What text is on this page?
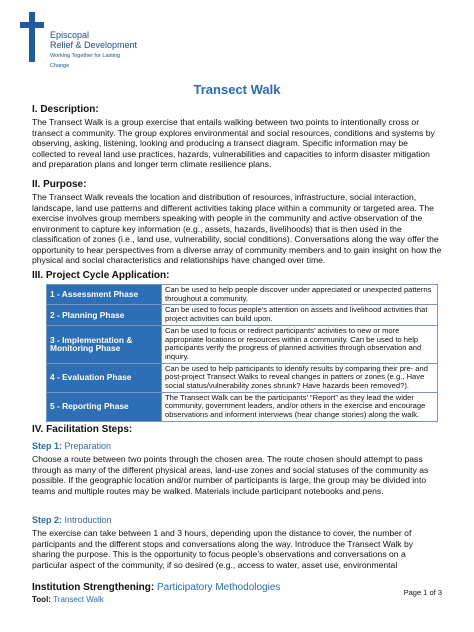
Episcopal
Relief & Development
Working Together for Lasting Change
Transect Walk
I. Description:
The Transect Walk is a group exercise that entails walking between two points to intentionally cross or transect a community. The group explores environmental and social resources, conditions and systems by observing, asking, listening, looking and producing a transect diagram. Specific information may be collected to reveal land use practices, hazards, vulnerabilities and capacities to inform disaster mitigation and preparation plans and longer term climate resilience plans.
II. Purpose:
The Transect Walk reveals the location and distribution of resources, infrastructure, social interaction, landscape, land use patterns and different activities taking place within a community or targeted area. The exercise involves group members speaking with people in the community and active observation of the environment to capture key information (e.g., assets, hazards, livelihoods) that is then used in the classification of zones (i.e., land use, vulnerability, social conditions). Conversations along the way offer the opportunity to hear perspectives from a diverse array of community members and to gain insight on how the physical and social characteristics and relationships have changed over time.
III. Project Cycle Application:
1 - Assessment Phase	Can be used to help people discover under appreciated or unexpected patterns throughout a community.
2 - Planning Phase	Can be used to focus people’s attention on assets and livelihood activities that project activities can build upon.
3 - Implementation & Monitoring Phase	Can be used to focus or redirect participants’ activities to new or more appropriate locations or resources within a community. Can be used to help participants verify the progress of planned activities through observation and inquiry.
4 - Evaluation Phase	Can be used to help participants to identify results by comparing their pre- and post-project Transect Walks to reveal changes in patters or zones (e.g., Have social status/vulnerability zones shrunk? Have hazards been removed?).
5 - Reporting Phase	The Transect Walk can be the participants’ “Report” as they lead the wider community, government leaders, and/or others in the exercise and encourage observations and informent interviews (hear change stories) along the walk.
IV. Facilitation Steps:
Step 1: Preparation
Choose a route between two points through the chosen area. The route chosen should attempt to pass through as many of the different physical areas, land-use zones and social statuses of the community as possible. If the geographic location and/or number of participants is large, the group may be divided into teams and multiple routes may be walked. Materials include participant notebooks and pens.
Step 2: Introduction
The exercise can take between 1 and 3 hours, depending upon the distance to cover, the number of participants and the different stops and conversations along the way. Introduce the Transect Walk by sharing the purpose. This is the opportunity to focus people’s observations and conversations on a particular aspect of the community, if so desired (e.g., access to water, asset use, environmental
Institution Strengthening: Participatory Methodologies
Tool: Transect Walk
Page 1 of 3
